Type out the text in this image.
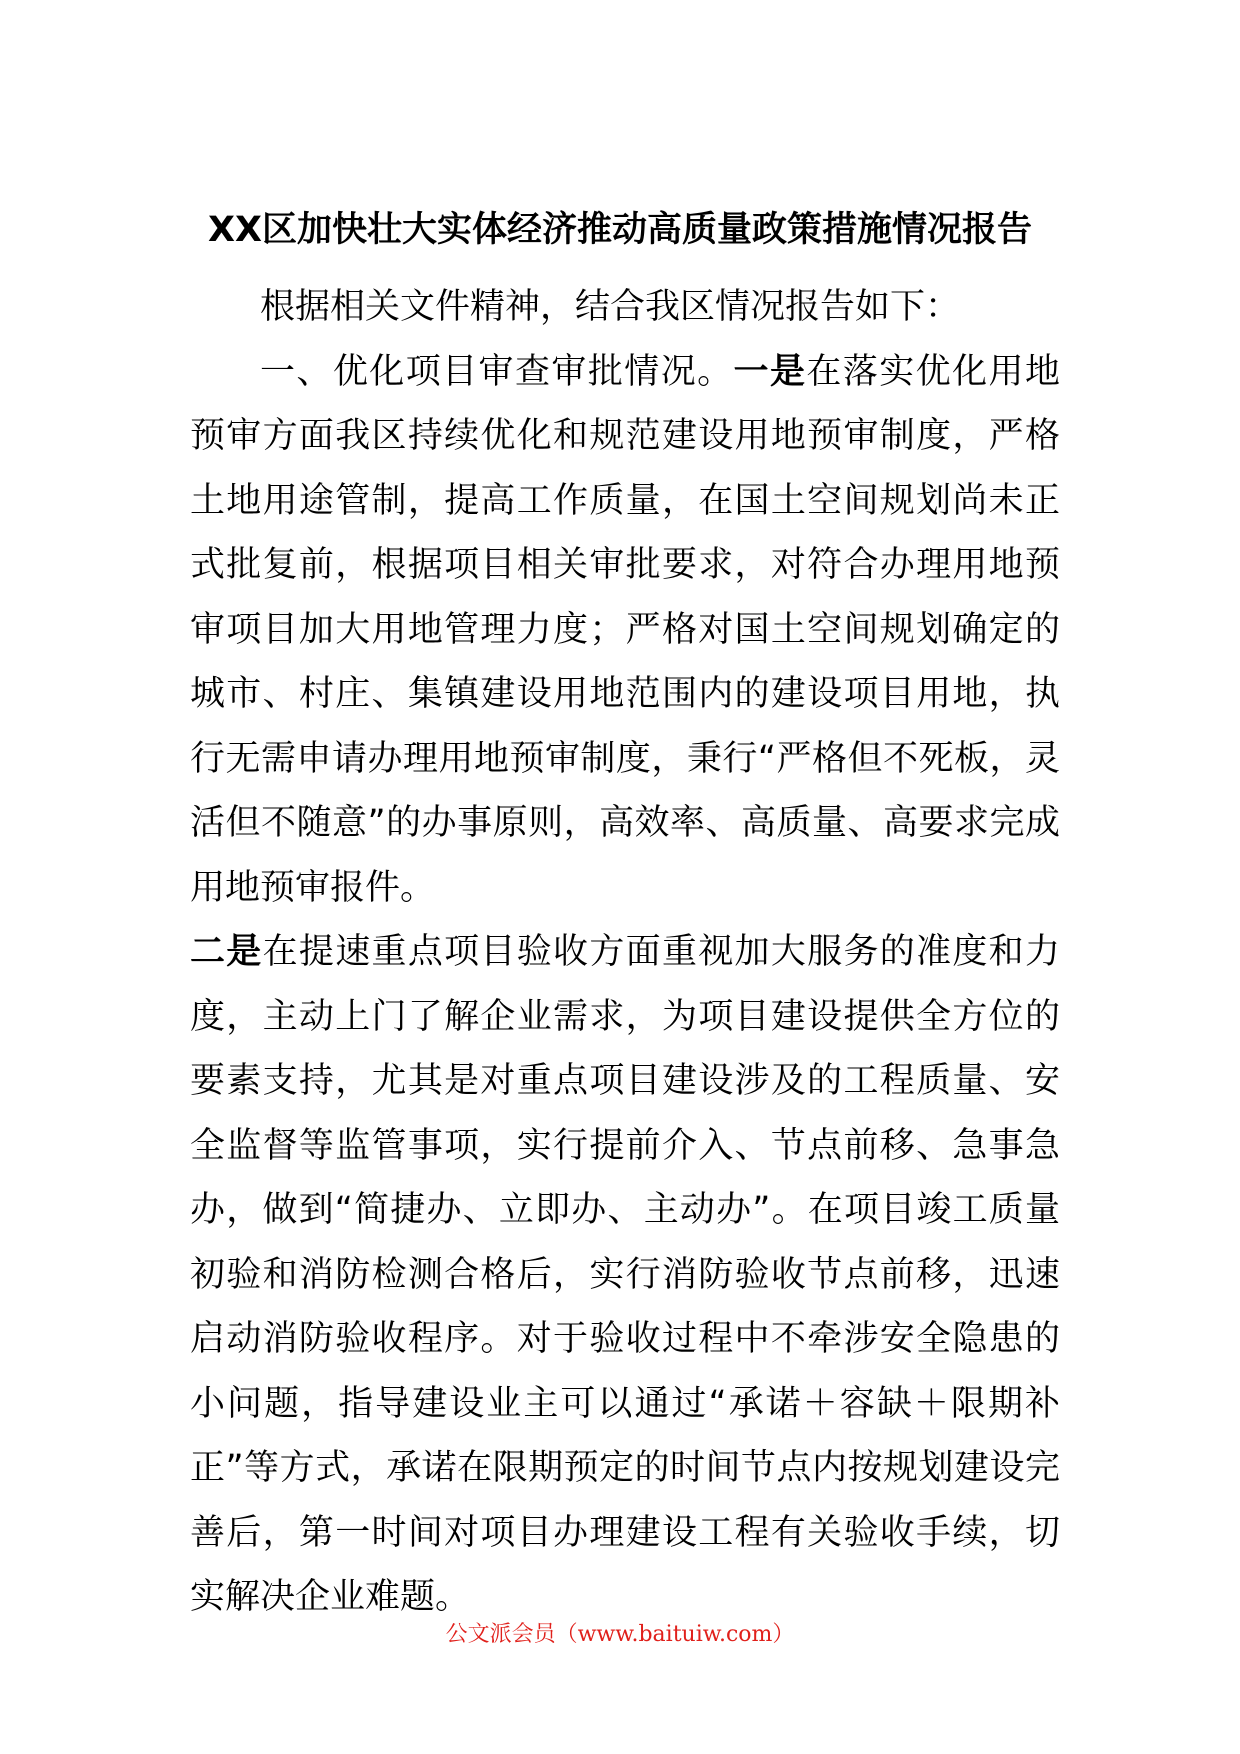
XX区加快壮大实体经济推动高质量政策措施情况报告

根据相关文件精神，结合我区情况报告如下：

一、优化项目审查审批情况。一是在落实优化用地预审方面我区持续优化和规范建设用地预审制度，严格土地用途管制，提高工作质量，在国土空间规划尚未正式批复前，根据项目相关审批要求，对符合办理用地预审项目加大用地管理力度；严格对国土空间规划确定的城市、村庄、集镇建设用地范围内的建设项目用地，执行无需申请办理用地预审制度，秉行“严格但不死板，灵活但不随意”的办事原则，高效率、高质量、高要求完成用地预审报件。

二是在提速重点项目验收方面重视加大服务的准度和力度，主动上门了解企业需求，为项目建设提供全方位的要素支持，尤其是对重点项目建设涉及的工程质量、安全监督等监管事项，实行提前介入、节点前移、急事急办，做到“简捷办、立即办、主动办”。在项目竣工质量初验和消防检测合格后，实行消防验收节点前移，迅速启动消防验收程序。对于验收过程中不牵涉安全隐患的小问题，指导建设业主可以通过“承诺＋容缺＋限期补正”等方式，承诺在限期预定的时间节点内按规划建设完善后，第一时间对项目办理建设工程有关验收手续，切实解决企业难题。

公文派会员（www.baituiw.com）
